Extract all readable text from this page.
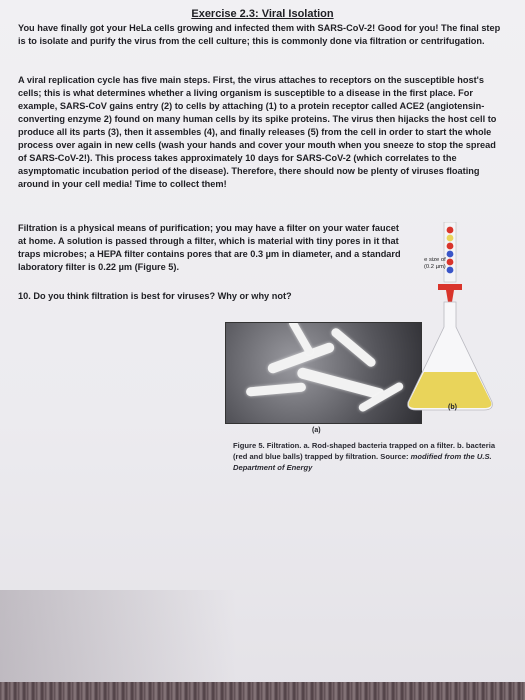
Exercise 2.3: Viral Isolation
You have finally got your HeLa cells growing and infected them with SARS-CoV-2! Good for you! The final step is to isolate and purify the virus from the cell culture; this is commonly done via filtration or centrifugation.
A viral replication cycle has five main steps. First, the virus attaches to receptors on the susceptible host's cells; this is what determines whether a living organism is susceptible to a disease in the first place. For example, SARS-CoV gains entry (2) to cells by attaching (1) to a protein receptor called ACE2 (angiotensin-converting enzyme 2) found on many human cells by its spike proteins. The virus then hijacks the host cell to produce all its parts (3), then it assembles (4), and finally releases (5) from the cell in order to start the whole process over again in new cells (wash your hands and cover your mouth when you sneeze to stop the spread of SARS-CoV-2!). This process takes approximately 10 days for SARS-CoV-2 (which correlates to the asymptomatic incubation period of the disease). Therefore, there should now be plenty of viruses floating around in your cell media! Time to collect them!
Filtration is a physical means of purification; you may have a filter on your water faucet at home. A solution is passed through a filter, which is material with tiny pores in it that traps microbes; a HEPA filter contains pores that are 0.3 µm in diameter, and a standard laboratory filter is 0.22 µm (Figure 5).
10. Do you think filtration is best for viruses? Why or why not?
(a)
e size of
(0.2 µm)
(b)
Figure 5. Filtration. a. Rod-shaped bacteria trapped on a filter. b. bacteria (red and blue balls) trapped by filtration. Source: modified from the U.S. Department of Energy
